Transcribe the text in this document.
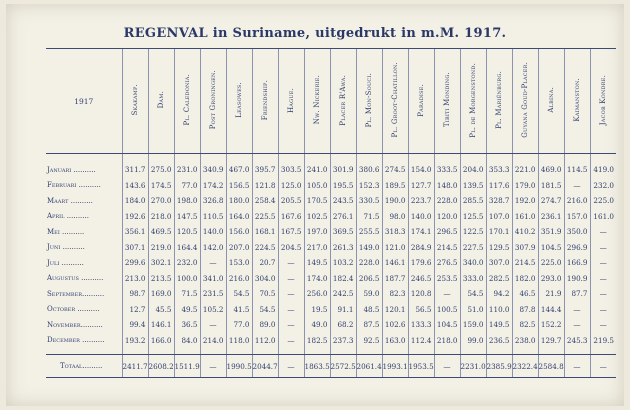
REGENVAL in Suriname, uitgedrukt in m.M. 1917.
1917	Skakamp.	Dam.	Pl. Caledonia.	Post Groningen.	Leasowes.	Friendship.	Hague.	Nw. Nickerie.	Placer R'Awa.	Pl. Mon-Souci.	Pl. Groot-Chatillon.	Paradise.	Tibiti Monding.	Pl. de Morgenstond.	Pl. Mariënburg.	Guyana Goud-Placer.	Albina.	Kaimanston.	Jacob Kondre.
Januari ..........	311.7	275.0	231.0	340.9	467.0	395.7	303.5	241.0	301.9	380.6	274.5	154.0	333.5	204.0	353.3	221.0	469.0	114.5	419.0
Februari ..........	143.6	174.5	77.0	174.2	156.5	121.8	125.0	105.0	195.5	152.3	189.5	127.7	148.0	139.5	117.6	179.0	181.5	—	232.0
Maart ..........	184.0	270.0	198.0	326.8	180.0	258.4	205.5	170.5	243.5	330.5	190.0	223.7	228.0	285.5	328.7	192.0	274.7	216.0	225.0
April ..........	192.6	218.0	147.5	110.5	164.0	225.5	167.6	102.5	276.1	71.5	98.0	140.0	120.0	125.5	107.0	161.0	236.1	157.0	161.0
Mei ..........	356.1	469.5	120.5	140.0	156.0	168.1	167.5	197.0	369.5	255.5	318.3	174.1	296.5	122.5	170.1	410.2	351.9	350.0	—
Juni ..........	307.1	219.0	164.4	142.0	207.0	224.5	204.5	217.0	261.3	149.0	121.0	284.9	214.5	227.5	129.5	307.9	104.5	296.9	—
Juli ..........	299.6	302.1	232.0	—	153.0	20.7	—	149.5	103.2	228.0	146.1	179.6	276.5	340.0	307.0	214.5	225.0	166.9	—
Augustus ..........	213.0	213.5	100.0	341.0	216.0	304.0	—	174.0	182.4	206.5	187.7	246.5	253.5	333.0	282.5	182.0	293.0	190.9	—
September..........	98.7	169.0	71.5	231.5	54.5	70.5	—	256.0	242.5	59.0	82.3	120.8	—	54.5	94.2	46.5	21.9	87.7	—
October ..........	12.7	45.5	49.5	105.2	41.5	54.5	—	19.5	91.1	48.5	120.1	56.5	100.5	51.0	110.0	87.8	144.4	—	—
November..........	99.4	146.1	36.5	—	77.0	89.0	—	49.0	68.2	87.5	102.6	133.3	104.5	159.0	149.5	82.5	152.2	—	—
December ..........	193.2	166.0	84.0	214.0	118.0	112.0	—	182.5	237.3	92.5	163.0	112.4	218.0	99.0	236.5	238.0	129.7	245.3	219.5
Totaal.........	2411.7	2608.2	1511.9	—	1990.5	2044.7	—	1863.5	2572.5	2061.4	1993.1	1953.5	—	2231.0	2385.9	2322.4	2584.8	—	—
